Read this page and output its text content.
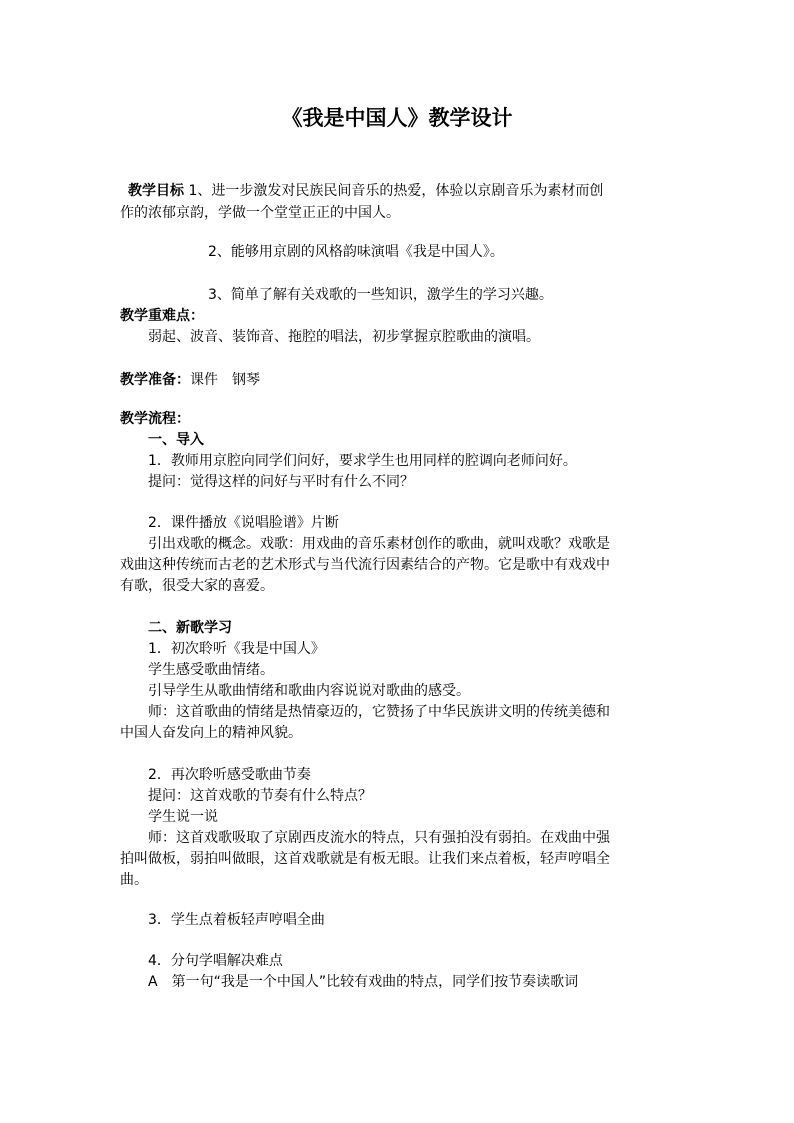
《我是中国人》教学设计
教学目标 1、进一步激发对民族民间音乐的热爱，体验以京剧音乐为素材而创
作的浓郁京韵，学做一个堂堂正正的中国人。
2、能够用京剧的风格韵味演唱《我是中国人》。
3、简单了解有关戏歌的一些知识，激学生的学习兴趣。
教学重难点：
弱起、波音、装饰音、拖腔的唱法，初步掌握京腔歌曲的演唱。
教学准备：课件　钢琴
教学流程：
一、导入
1．教师用京腔向同学们问好，要求学生也用同样的腔调向老师问好。
提问：觉得这样的问好与平时有什么不同？
2．课件播放《说唱脸谱》片断
引出戏歌的概念。戏歌：用戏曲的音乐素材创作的歌曲，就叫戏歌？戏歌是
戏曲这种传统而古老的艺术形式与当代流行因素结合的产物。它是歌中有戏戏中
有歌，很受大家的喜爱。
二、新歌学习
1．初次聆听《我是中国人》
学生感受歌曲情绪。
引导学生从歌曲情绪和歌曲内容说说对歌曲的感受。
师：这首歌曲的情绪是热情豪迈的，它赞扬了中华民族讲文明的传统美德和
中国人奋发向上的精神风貌。
2．再次聆听感受歌曲节奏
提问：这首戏歌的节奏有什么特点？
学生说一说
师：这首戏歌吸取了京剧西皮流水的特点，只有强拍没有弱拍。在戏曲中强
拍叫做板，弱拍叫做眼，这首戏歌就是有板无眼。让我们来点着板，轻声哼唱全
曲。
3．学生点着板轻声哼唱全曲
4．分句学唱解决难点
A　第一句“我是一个中国人”比较有戏曲的特点，同学们按节奏读歌词
